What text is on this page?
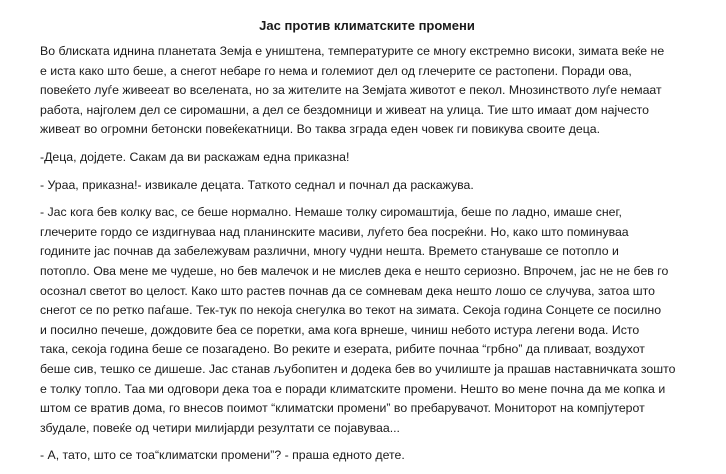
Јас против климатските промени
Во блиската иднина планетата Земја е уништена, температурите се многу екстремно високи, зимата веќе не
е иста како што беше, а снегот небаре го нема и големиот дел од глечерите се растопени. Поради ова,
повеќето луѓе живееат во вселената, но за жителите на Земјата животот е пекол. Мнозинството луѓе немаат
работа, најголем дел се сиромашни, а дел се бездомници и живеат на улица. Тие што имаат дом најчесто
живеат во огромни бетонски повеќекатници. Во таква зграда еден човек ги повикува своите деца.
-Деца, дојдете. Сакам да ви раскажам една приказна!
- Ураа, приказна!- извикале децата. Таткото седнал и почнал да раскажува.
- Јас кога бев колку вас, се беше нормално. Немаше толку сиромаштија, беше по ладно, имаше снег,
глечерите гордо се издигнуваа над планинските масиви, луѓето беа посреќни. Но, како што поминуваа
годините јас почнав да забележувам различни, многу чудни нешта. Времето стануваше се потопло и
потопло. Ова мене ме чудеше, но бев малечок и не мислев дека е нешто сериозно. Впрочем, јас не не бев го
осознал светот во целост. Како што растев почнав да се сомневам дека нешто лошо се случува, затоа што
снегот се по ретко паѓаше. Тек-тук по некоја снегулка во текот на зимата. Секоја година Сонцете се посилно
и посилно печеше, дождовите беа се поретки, ама кога врнеше, чиниш небото истура легени вода. Исто
така, секоја година беше се позагадено. Во реките и езерата, рибите почнаа “грбно” да пливаат, воздухот
беше сив, тешко се дишеше. Јас станав љубопитен и додека бев во училиште ја прашав наставничката зошто
е толку топло. Таа ми одговори дека тоа е поради климатските промени. Нешто во мене почна да ме копка и
штом се вратив дома, го внесов поимот “климатски промени” во пребарувачот. Мониторот на компјутерот
збудале, повеќе од четири милијарди резултати се појавуваа...
- А, тато, што се тоа“климатски промени”? - праша едното дете.
